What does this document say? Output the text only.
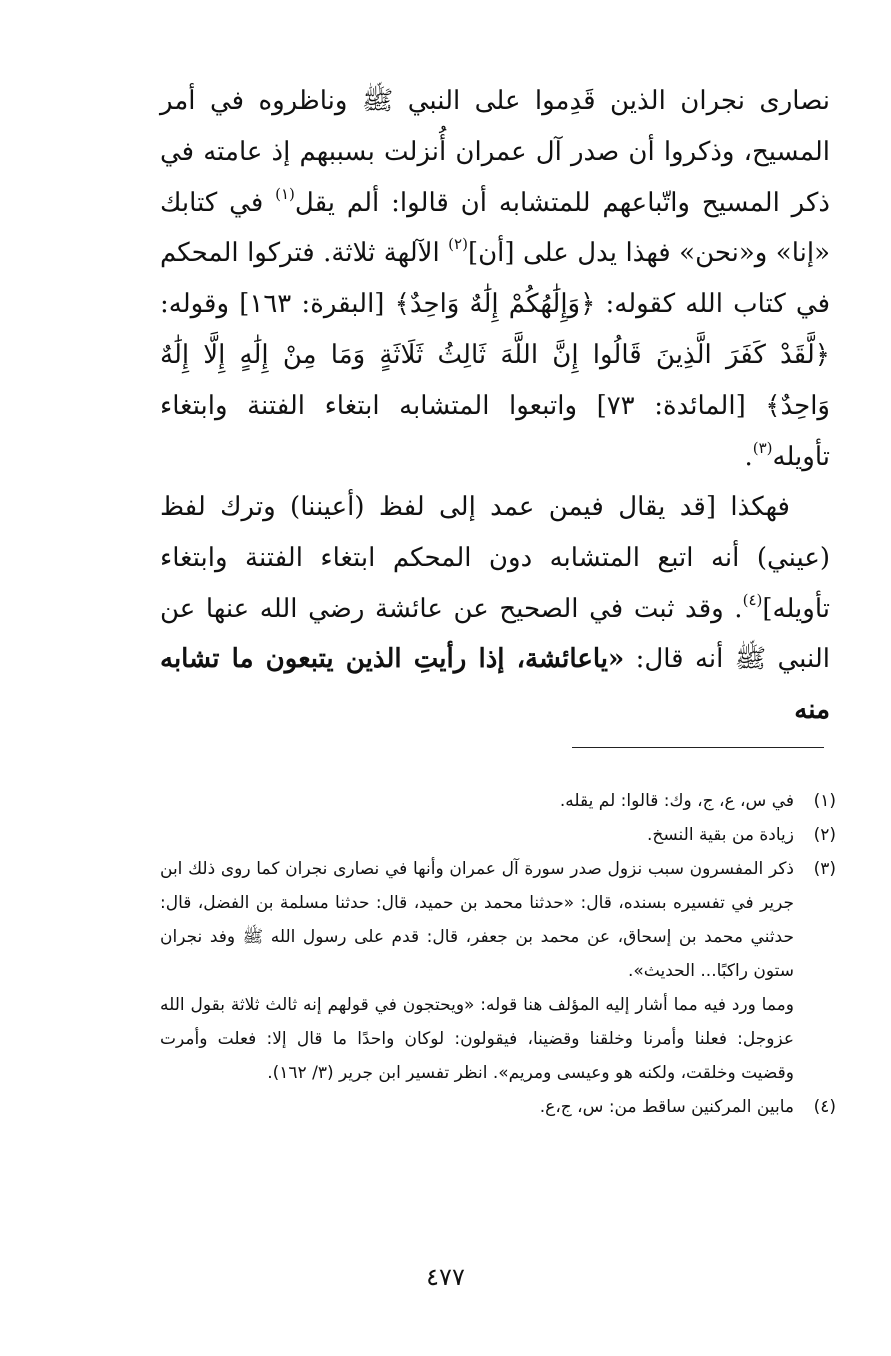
نصارى نجران الذين قَدِموا على النبي ﷺ وناظروه في أمر المسيح، وذكروا أن صدر آل عمران أُنزلت بسببهم إذ عامته في ذكر المسيح واتّباعهم للمتشابه أن قالوا: ألم يقل$^{(١)}$ في كتابك «إنا» و«نحن» فهذا يدل على [أن]$^{(٢)}$ الآلهة ثلاثة. فتركوا المحكم في كتاب الله كقوله: ﴿وَإِلَٰهُكُمْ إِلَٰهٌ وَاحِدٌ﴾ [البقرة: ١٦٣] وقوله: ﴿لَّقَدْ كَفَرَ الَّذِينَ قَالُوا إِنَّ اللَّهَ ثَالِثُ ثَلَاثَةٍ وَمَا مِنْ إِلَٰهٍ إِلَّا إِلَٰهٌ وَاحِدٌ﴾ [المائدة: ٧٣] واتبعوا المتشابه ابتغاء الفتنة وابتغاء تأويله$^{(٣)}$.
فهكذا [قد يقال فيمن عمد إلى لفظ (أعيننا) وترك لفظ (عيني) أنه اتبع المتشابه دون المحكم ابتغاء الفتنة وابتغاء تأويله]$^{(٤)}$. وقد ثبت في الصحيح عن عائشة رضي الله عنها عن النبي ﷺ أنه قال: «ياعائشة، إذا رأيتِ الذين يتبعون ما تشابه منه
(١)

في س، ع، ج، وك: قالوا: لم يقله.

(٢)

زيادة من بقية النسخ.

(٣)

ذكر المفسرون سبب نزول صدر سورة آل عمران وأنها في نصارى نجران كما روى ذلك ابن جرير في تفسيره بسنده، قال: «حدثنا محمد بن حميد، قال: حدثنا مسلمة بن الفضل، قال: حدثني محمد بن إسحاق، عن محمد بن جعفر، قال: قدم على رسول الله ﷺ وفد نجران ستون راكبًا... الحديث».

ومما ورد فيه مما أشار إليه المؤلف هنا قوله: «ويحتجون في قولهم إنه ثالث ثلاثة بقول الله عزوجل: فعلنا وأمرنا وخلقنا وقضينا، فيقولون: لوكان واحدًا ما قال إلا: فعلت وأمرت وقضيت وخلقت، ولكنه هو وعيسى ومريم». انظر تفسير ابن جرير (٣/ ١٦٢).

(٤)

مابين المركنين ساقط من: س، ج،ع.

٤٧٧
